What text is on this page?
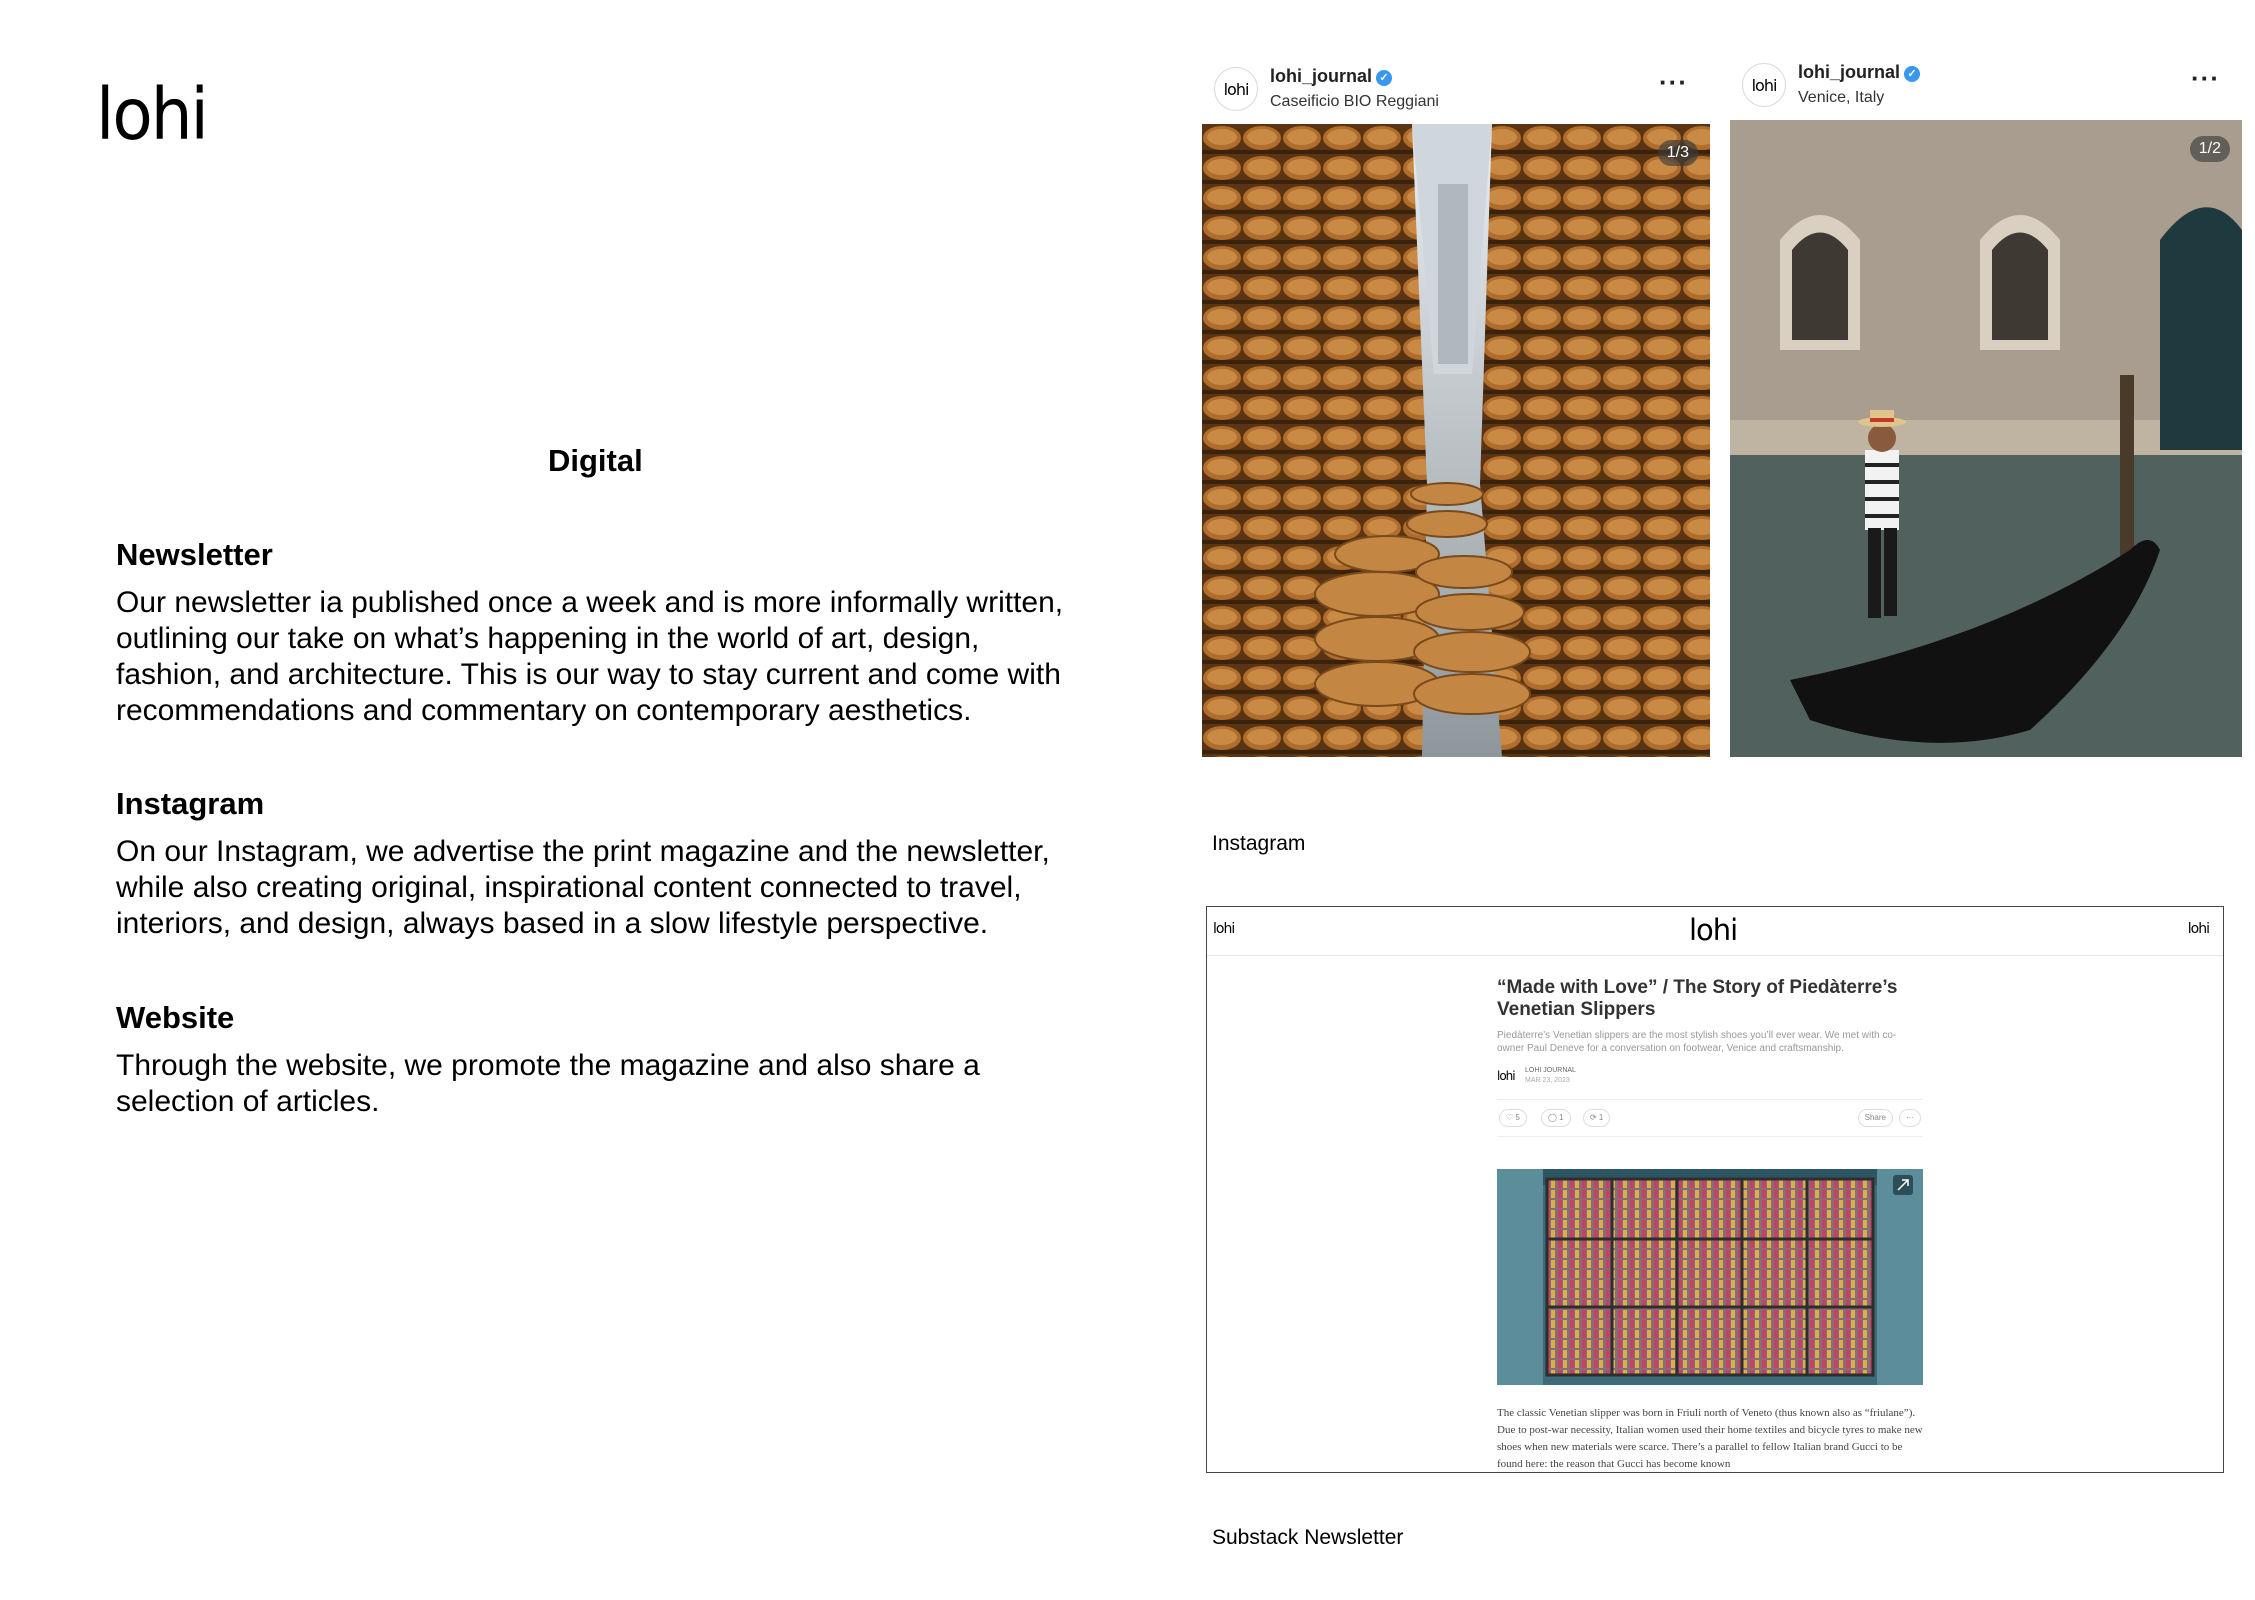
lohi
Digital
Newsletter

Our newsletter ia published once a week and is more informally written, outlining our take on what’s happening in the world of art, design, fashion, and architecture. This is our way to stay current and come with recommendations and commentary on contemporary aesthetics.

Instagram

On our Instagram, we advertise the print magazine and the newsletter, while also creating original, inspirational content connected to travel, interiors, and design, always based in a slow lifestyle perspective.

Website

Through the website, we promote the magazine and also share a selection of articles.

lohi
lohi_journal ✓
Caseificio BIO Reggiani
···
1/3
lohi
lohi_journal ✓
Venice, Italy
···
1/2
Instagram
lohi	lohi	lohi
“Made with Love” / The Story of Piedàterre’s Venetian Slippers
Piedàterre’s Venetian slippers are the most stylish shoes you’ll ever wear. We met with co-owner Paul Deneve for a conversation on footwear, Venice and craftsmanship.
lohi LOHI JOURNAL
MAR 23, 2023
♡ 5	◯ 1	⟳ 1	Share	···
The classic Venetian slipper was born in Friuli north of Veneto (thus known also as “friulane”). Due to post-war necessity, Italian women used their home textiles and bicycle tyres to make new shoes when new materials were scarce. There’s a parallel to fellow Italian brand Gucci to be found here: the reason that Gucci has become known
Substack Newsletter
